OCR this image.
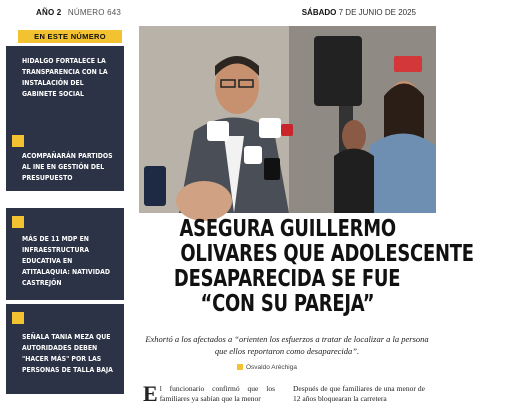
AÑO 2 NÚMERO 643	SÁBADO 7 DE JUNIO DE 2025
EN ESTE NÚMERO
HIDALGO FORTALECE LA TRANSPARENCIA CON LA INSTALACIÓN DEL GABINETE SOCIAL
ACOMPAÑARÁN PARTIDOS AL INE EN GESTIÓN DEL PRESUPUESTO
MÁS DE 11 MDP EN INFRAESTRUCTURA EDUCATIVA EN ATITALAQUIA: NATIVIDAD CASTREJÓN
SEÑALA TANIA MEZA QUE AUTORIDADES DEBEN "HACER MÁS" POR LAS PERSONAS DE TALLA BAJA
ASEGURA GUILLERMO
OLIVARES QUE ADOLESCENTE
DESAPARECIDA SE FUE
“CON SU PAREJA”
Exhortó a los afectados a “orienten los esfuerzos a tratar de localizar a la persona que ellos reportaron como desaparecida”.
Osvaldo Aréchiga
El funcionario confirmó que los familiares ya sabían que la menor
Después de que familiares de una menor de 12 años bloquearan la carretera
